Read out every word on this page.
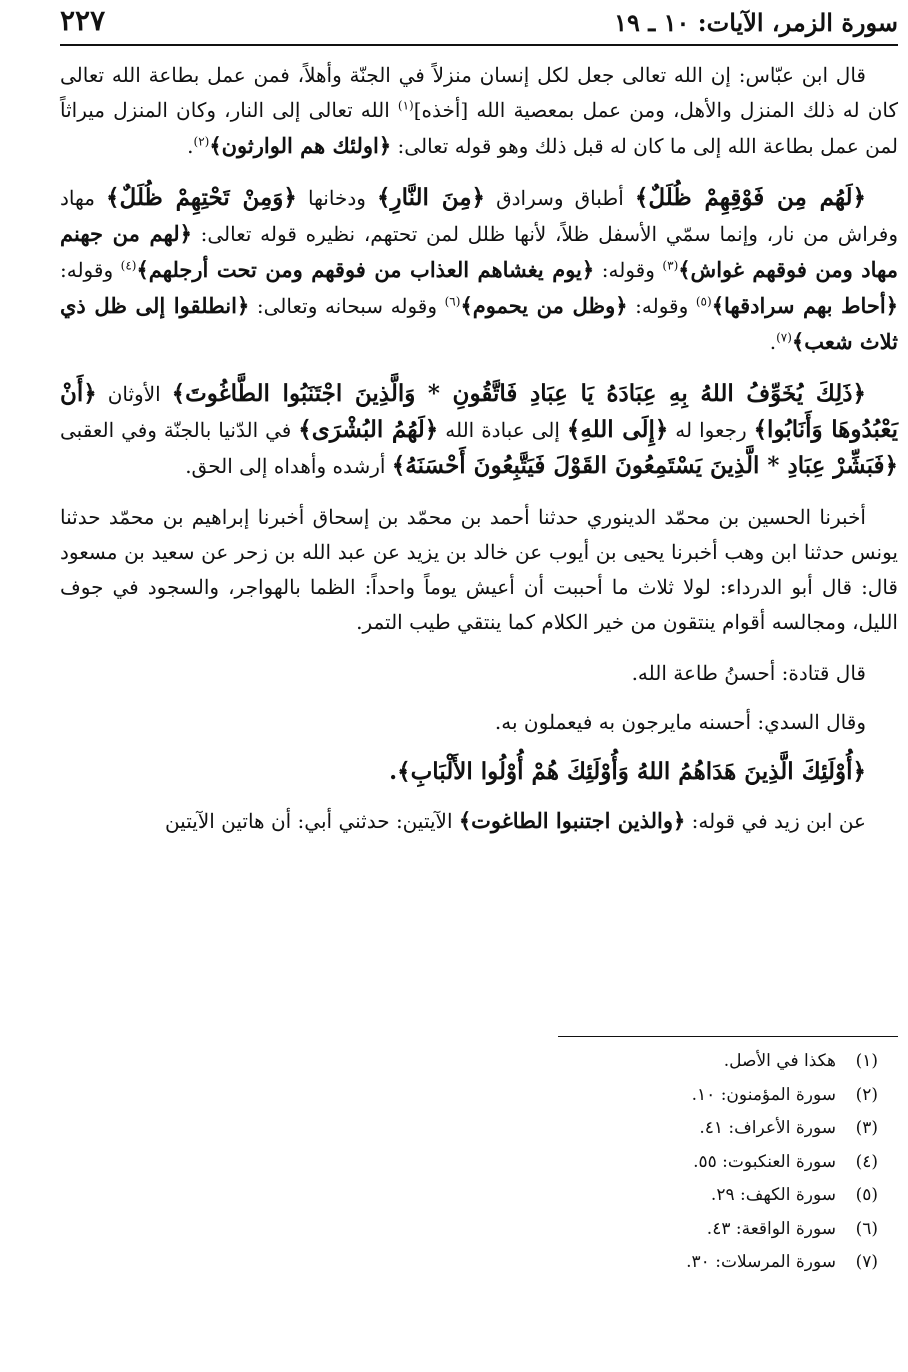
سورة الزمر، الآيات: ١٠ ـ ١٩
٢٢٧

قال ابن عبّاس: إن الله تعالى جعل لكل إنسان منزلاً في الجنّة وأهلاً، فمن عمل بطاعة الله تعالى كان له ذلك المنزل والأهل، ومن عمل بمعصية الله [أخذه]$^{(١)}$ الله تعالى إلى النار، وكان المنزل ميراثاً لمن عمل بطاعة الله إلى ما كان له قبل ذلك وهو قوله تعالى: ﴿اولئك هم الوارثون﴾$^{(٢)}$.

﴿لَهُم مِن فَوْقِهِمْ ظُلَلٌ﴾ أطباق وسرادق ﴿مِنَ النَّارِ﴾ ودخانها ﴿وَمِنْ تَحْتِهِمْ ظُلَلٌ﴾ مهاد وفراش من نار، وإنما سمّي الأسفل ظلاً، لأنها ظلل لمن تحتهم، نظيره قوله تعالى: ﴿لهم من جهنم مهاد ومن فوقهم غواش﴾$^{(٣)}$ وقوله: ﴿يوم يغشاهم العذاب من فوقهم ومن تحت أرجلهم﴾$^{(٤)}$ وقوله: ﴿أحاط بهم سرادقها﴾$^{(٥)}$ وقوله: ﴿وظل من يحموم﴾$^{(٦)}$ وقوله سبحانه وتعالى: ﴿انطلقوا إلى ظل ذي ثلاث شعب﴾$^{(٧)}$.

﴿ذَلِكَ يُخَوِّفُ اللهُ بِهِ عِبَادَهُ يَا عِبَادِ فَاتَّقُونِ * وَالَّذِينَ اجْتَنَبُوا الطَّاغُوتَ﴾ الأوثان ﴿أَنْ يَعْبُدُوهَا وَأَنَابُوا﴾ رجعوا له ﴿إِلَى اللهِ﴾ إلى عبادة الله ﴿لَهُمُ البُشْرَى﴾ في الدّنيا بالجنّة وفي العقبى ﴿فَبَشِّرْ عِبَادِ * الَّذِينَ يَسْتَمِعُونَ القَوْلَ فَيَتَّبِعُونَ أَحْسَنَهُ﴾ أرشده وأهداه إلى الحق.

أخبرنا الحسين بن محمّد الدينوري حدثنا أحمد بن محمّد بن إسحاق أخبرنا إبراهيم بن محمّد حدثنا يونس حدثنا ابن وهب أخبرنا يحيى بن أيوب عن خالد بن يزيد عن عبد الله بن زحر عن سعيد بن مسعود قال: قال أبو الدرداء: لولا ثلاث ما أحببت أن أعيش يوماً واحداً: الظما بالهواجر، والسجود في جوف الليل، ومجالسه أقوام ينتقون من خير الكلام كما ينتقي طيب التمر.

قال قتادة: أحسنُ طاعة الله.

وقال السدي: أحسنه مايرجون به فيعملون به.

﴿أُوْلَئِكَ الَّذِينَ هَدَاهُمُ اللهُ وَأُوْلَئِكَ هُمْ أُوْلُوا الأَلْبَابِ﴾.

عن ابن زيد في قوله: ﴿والذين اجتنبوا الطاغوت﴾ الآيتين: حدثني أبي: أن هاتين الآيتين

(١)هكذا في الأصل.
(٢)سورة المؤمنون: ١٠.
(٣)سورة الأعراف: ٤١.
(٤)سورة العنكبوت: ٥٥.
(٥)سورة الكهف: ٢٩.
(٦)سورة الواقعة: ٤٣.
(٧)سورة المرسلات: ٣٠.
